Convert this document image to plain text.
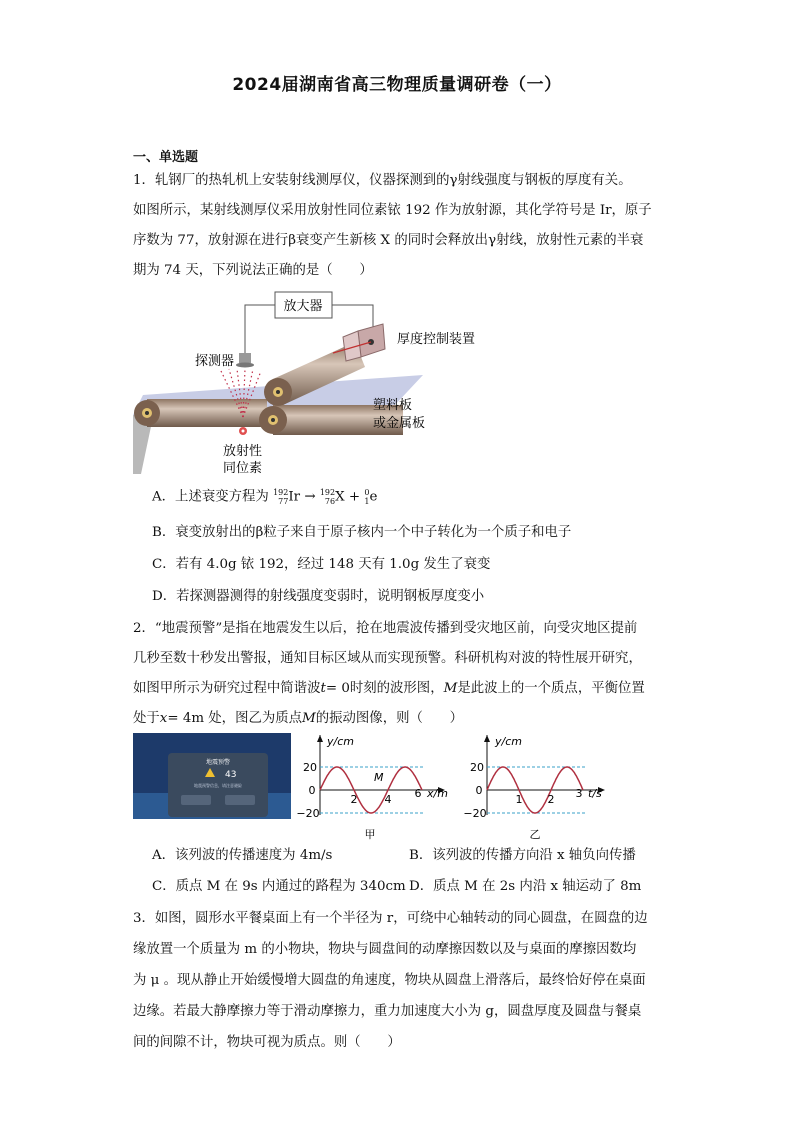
2024届湖南省高三物理质量调研卷（一）
一、单选题
1．轧钢厂的热轧机上安装射线测厚仪，仪器探测到的γ射线强度与钢板的厚度有关。
如图所示，某射线测厚仪采用放射性同位素铱 192 作为放射源，其化学符号是 Ir，原子
序数为 77，放射源在进行β衰变产生新核 X 的同时会释放出γ射线，放射性元素的半衰
期为 74 天，下列说法正确的是（　　）
放大器
厚度控制装置
探测器
放射性
同位素
塑料板
或金属板
A．上述衰变方程为 192
77Ir → 192
76X + 0
1e
B．衰变放射出的β粒子来自于原子核内一个中子转化为一个质子和电子
C．若有 4.0g 铱 192，经过 148 天有 1.0g 发生了衰变
D．若探测器测得的射线强度变弱时，说明钢板厚度变小
2．“地震预警”是指在地震发生以后，抢在地震波传播到受灾地区前，向受灾地区提前
几秒至数十秒发出警报，通知目标区域从而实现预警。科研机构对波的特性展开研究，
如图甲所示为研究过程中简谐波t= 0时刻的波形图，M是此波上的一个质点，平衡位置
处于x= 4m 处，图乙为质点M的振动图像，则（　　）
地震预警
43
地震预警信息，请注意避险
y/cm
20
0
−20
2 4 6 x/m
M
甲
y/cm
20
0
−20
1 2 3 t/s
乙
A．该列波的传播速度为 4m/s	B．该列波的传播方向沿 x 轴负向传播
C．质点 M 在 9s 内通过的路程为 340cm D．质点 M 在 2s 内沿 x 轴运动了 8m
3．如图，圆形水平餐桌面上有一个半径为 r，可绕中心轴转动的同心圆盘，在圆盘的边
缘放置一个质量为 m 的小物块，物块与圆盘间的动摩擦因数以及与桌面的摩擦因数均
为 μ 。现从静止开始缓慢增大圆盘的角速度，物块从圆盘上滑落后，最终恰好停在桌面
边缘。若最大静摩擦力等于滑动摩擦力，重力加速度大小为 g，圆盘厚度及圆盘与餐桌
间的间隙不计，物块可视为质点。则（　　）
